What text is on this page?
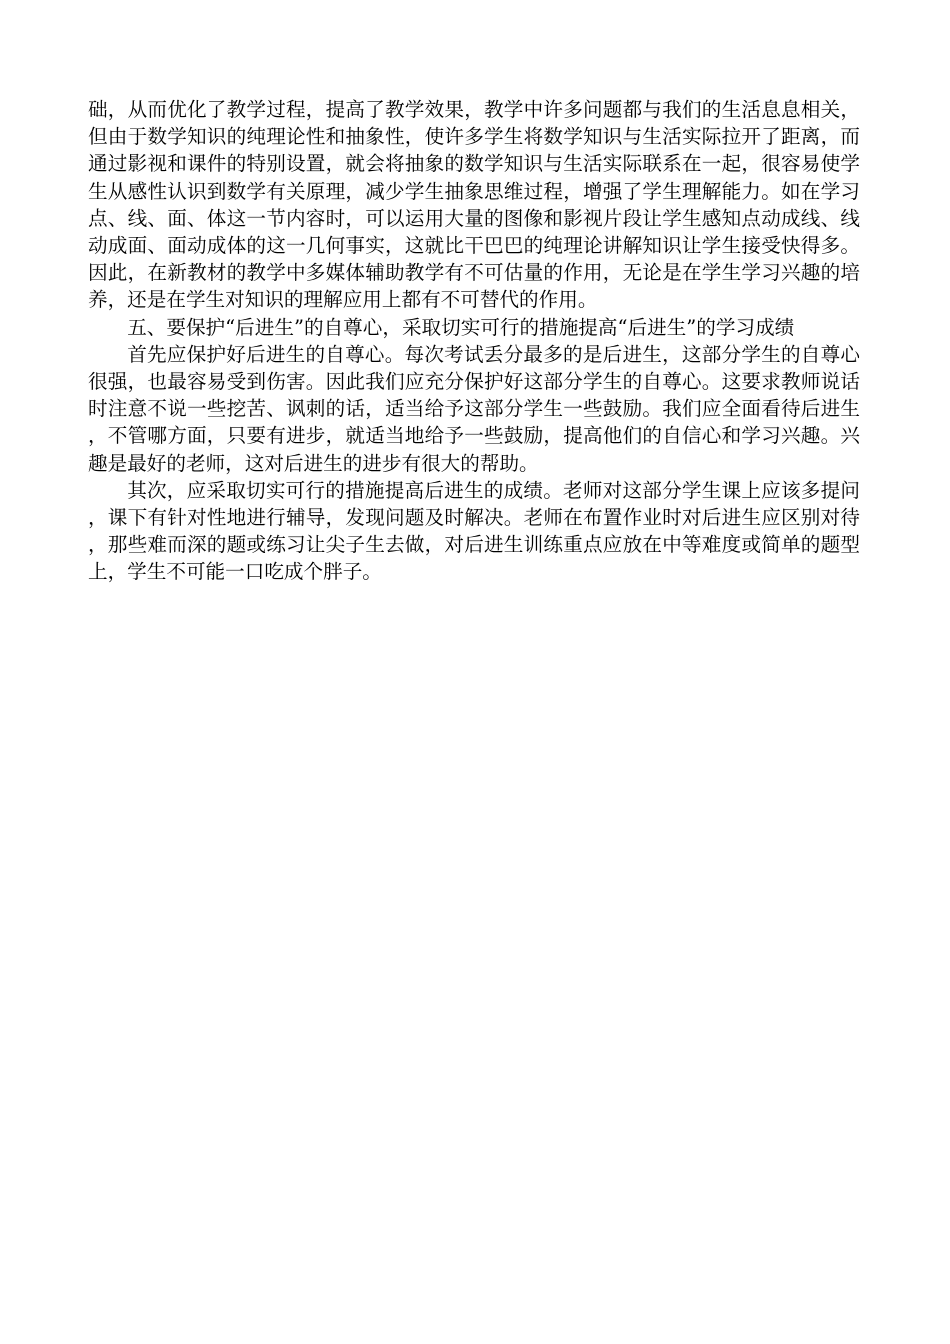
础，从而优化了教学过程，提高了教学效果，教学中许多问题都与我们的生活息息相关，但由于数学知识的纯理论性和抽象性，使许多学生将数学知识与生活实际拉开了距离，而通过影视和课件的特别设置，就会将抽象的数学知识与生活实际联系在一起，很容易使学生从感性认识到数学有关原理，减少学生抽象思维过程，增强了学生理解能力。如在学习点、线、面、体这一节内容时，可以运用大量的图像和影视片段让学生感知点动成线、线动成面、面动成体的这一几何事实，这就比干巴巴的纯理论讲解知识让学生接受快得多。因此，在新教材的教学中多媒体辅助教学有不可估量的作用，无论是在学生学习兴趣的培养，还是在学生对知识的理解应用上都有不可替代的作用。

五、要保护“后进生”的自尊心，采取切实可行的措施提高“后进生”的学习成绩

首先应保护好后进生的自尊心。每次考试丢分最多的是后进生，这部分学生的自尊心很强，也最容易受到伤害。因此我们应充分保护好这部分学生的自尊心。这要求教师说话时注意不说一些挖苦、讽刺的话，适当给予这部分学生一些鼓励。我们应全面看待后进生，不管哪方面，只要有进步，就适当地给予一些鼓励，提高他们的自信心和学习兴趣。兴趣是最好的老师，这对后进生的进步有很大的帮助。

其次，应采取切实可行的措施提高后进生的成绩。老师对这部分学生课上应该多提问，课下有针对性地进行辅导，发现问题及时解决。老师在布置作业时对后进生应区别对待，那些难而深的题或练习让尖子生去做，对后进生训练重点应放在中等难度或简单的题型上，学生不可能一口吃成个胖子。
